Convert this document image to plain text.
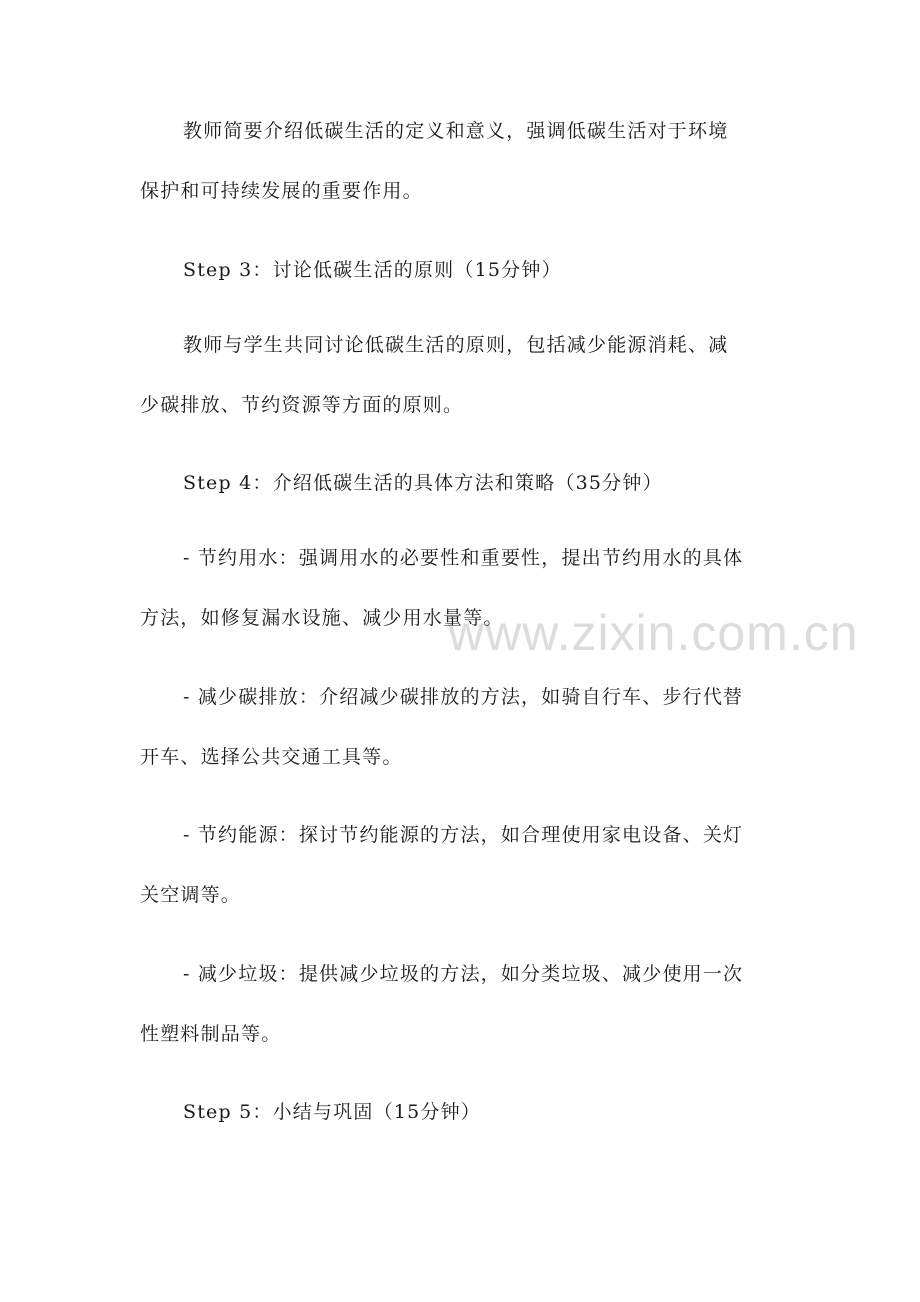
www.zixin.com.cn
教师简要介绍低碳生活的定义和意义，强调低碳生活对于环境
保护和可持续发展的重要作用。
Step 3：讨论低碳生活的原则（15分钟）
教师与学生共同讨论低碳生活的原则，包括减少能源消耗、减
少碳排放、节约资源等方面的原则。
Step 4：介绍低碳生活的具体方法和策略（35分钟）
- 节约用水：强调用水的必要性和重要性，提出节约用水的具体
方法，如修复漏水设施、减少用水量等。
- 减少碳排放：介绍减少碳排放的方法，如骑自行车、步行代替
开车、选择公共交通工具等。
- 节约能源：探讨节约能源的方法，如合理使用家电设备、关灯
关空调等。
- 减少垃圾：提供减少垃圾的方法，如分类垃圾、减少使用一次
性塑料制品等。
Step 5：小结与巩固（15分钟）
